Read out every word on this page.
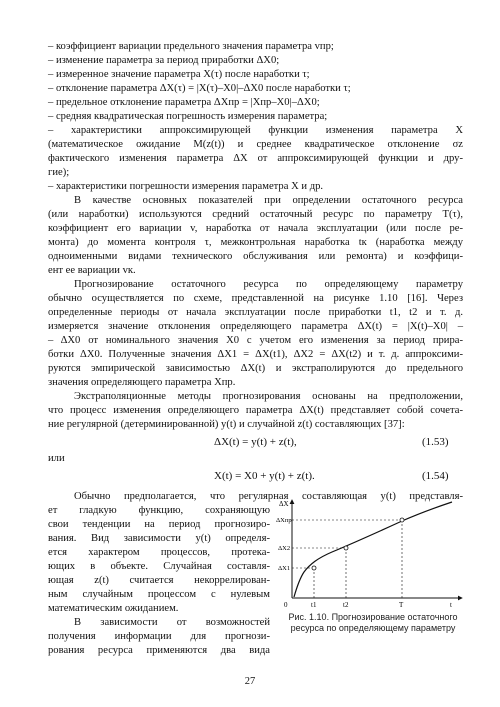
– коэффициент вариации предельного значения параметра vпр;

– изменение параметра за период приработки ΔX0;

– измеренное значение параметра X(τ) после наработки τ;

– отклонение параметра ΔX(τ) = |X(τ)–X0|–ΔX0 после наработки τ;

– предельное отклонение параметра ΔXпр = |Xпр–X0|–ΔX0;

– средняя квадратическая погрешность измерения параметра;

– характеристики аппроксимирующей функции изменения параметра X

(математическое ожидание M(z(t)) и среднее квадратическое отклонение σz

фактического изменения параметра ΔX от аппроксимирующей функции и дру-

гие);

– характеристики погрешности измерения параметра X и др.

В качестве основных показателей при определении остаточного ресурса

(или наработки) используются средний остаточный ресурс по параметру T(τ),

коэффициент его вариации v, наработка от начала эксплуатации (или после ре-

монта) до момента контроля τ, межконтрольная наработка tк (наработка между

одноименными видами технического обслуживания или ремонта) и коэффици-

ент ее вариации vк.

Прогнозирование остаточного ресурса по определяющему параметру

обычно осуществляется по схеме, представленной на рисунке 1.10 [16]. Через

определенные периоды от начала эксплуатации после приработки t1, t2 и т. д.

измеряется значение отклонения определяющего параметра ΔX(t) = |X(t)–X0| –

– ΔX0 от номинального значения X0 с учетом его изменения за период прира-

ботки ΔX0. Полученные значения ΔX1 = ΔX(t1), ΔX2 = ΔX(t2) и т. д. аппроксими-

руются эмпирической зависимостью ΔX(t) и экстраполируются до предельного

значения определяющего параметра Xпр.

Экстраполяционные методы прогнозирования основаны на предположении,

что процесс изменения определяющего параметра ΔX(t) представляет собой сочета-

ние регулярной (детерминированной) y(t) и случайной z(t) составляющих [37]:

ΔX(t) = y(t) + z(t),	(1.53)

или

X(t) = X0 + y(t) + z(t).	(1.54)

Обычно предполагается, что регулярная составляющая y(t) представля-

ет гладкую функцию, сохраняющую

свои тенденции на период прогнозиро-

вания. Вид зависимости y(t) определя-

ется характером процессов, протека-

ющих в объекте. Случайная составля-

ющая z(t) считается некоррелирован-

ным случайным процессом с нулевым

математическим ожиданием.

В зависимости от возможностей

получения информации для прогнози-

рования ресурса применяются два вида

ΔX
ΔXпр
ΔX2
ΔX1
0	t1	t2	T	t
Рис. 1.10. Прогнозирование остаточного ресурса по определяющему параметру
27
